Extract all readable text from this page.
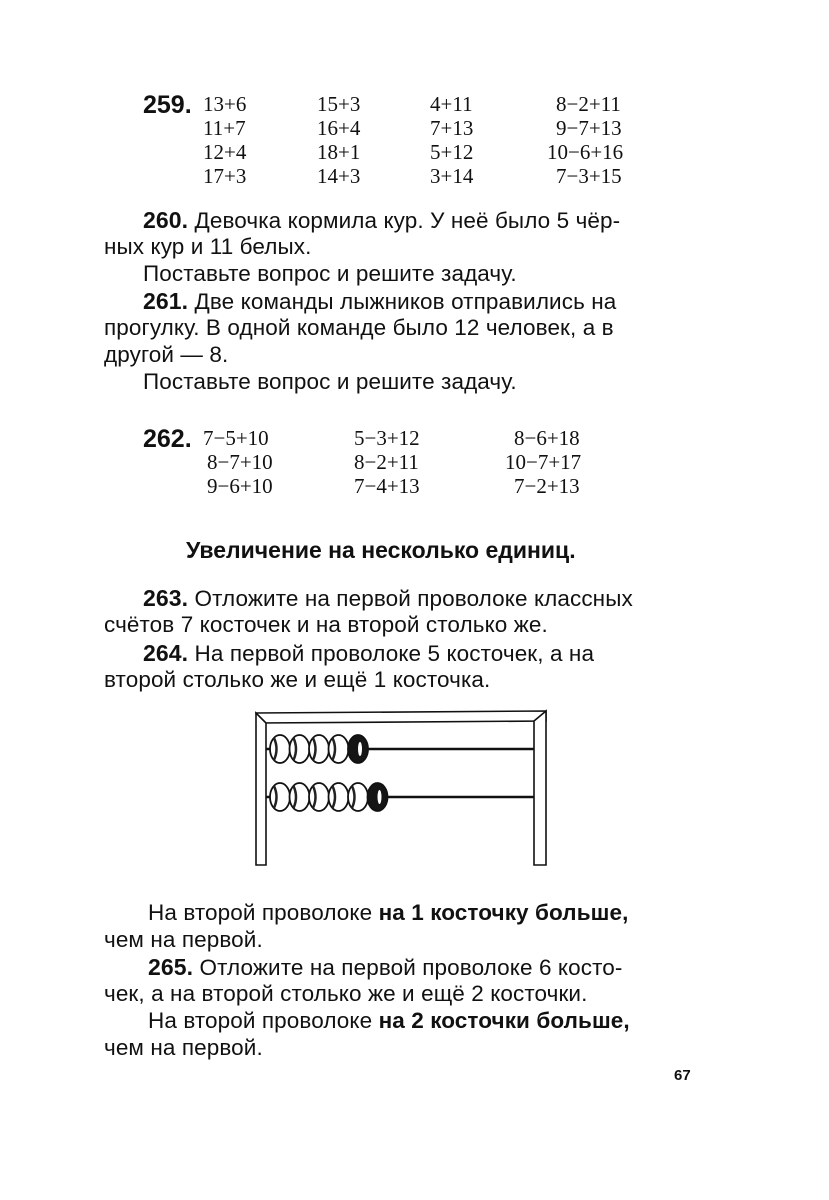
259. 13+6
11+7
12+4
17+3
15+3
16+4
18+1
14+3
4+11
7+13
5+12
3+14
8−2+11
9−7+13
10−6+16
7−3+15
260. Девочка кормила кур. У неё было 5 чёр-
ных кур и 11 белых.
Поставьте вопрос и решите задачу.
261. Две команды лыжников отправились на
прогулку. В одной команде было 12 человек, а в
другой — 8.
Поставьте вопрос и решите задачу.
262. 7−5+10
8−7+10
9−6+10
5−3+12
8−2+11
7−4+13
8−6+18
10−7+17
7−2+13
Увеличение на несколько единиц.
263. Отложите на первой проволоке классных
счётов 7 косточек и на второй столько же.
264. На первой проволоке 5 косточек, а на
второй столько же и ещё 1 косточка.
На второй проволоке на 1 косточку больше,
чем на первой.
265. Отложите на первой проволоке 6 косто-
чек, а на второй столько же и ещё 2 косточки.
На второй проволоке на 2 косточки больше,
чем на первой.
67
